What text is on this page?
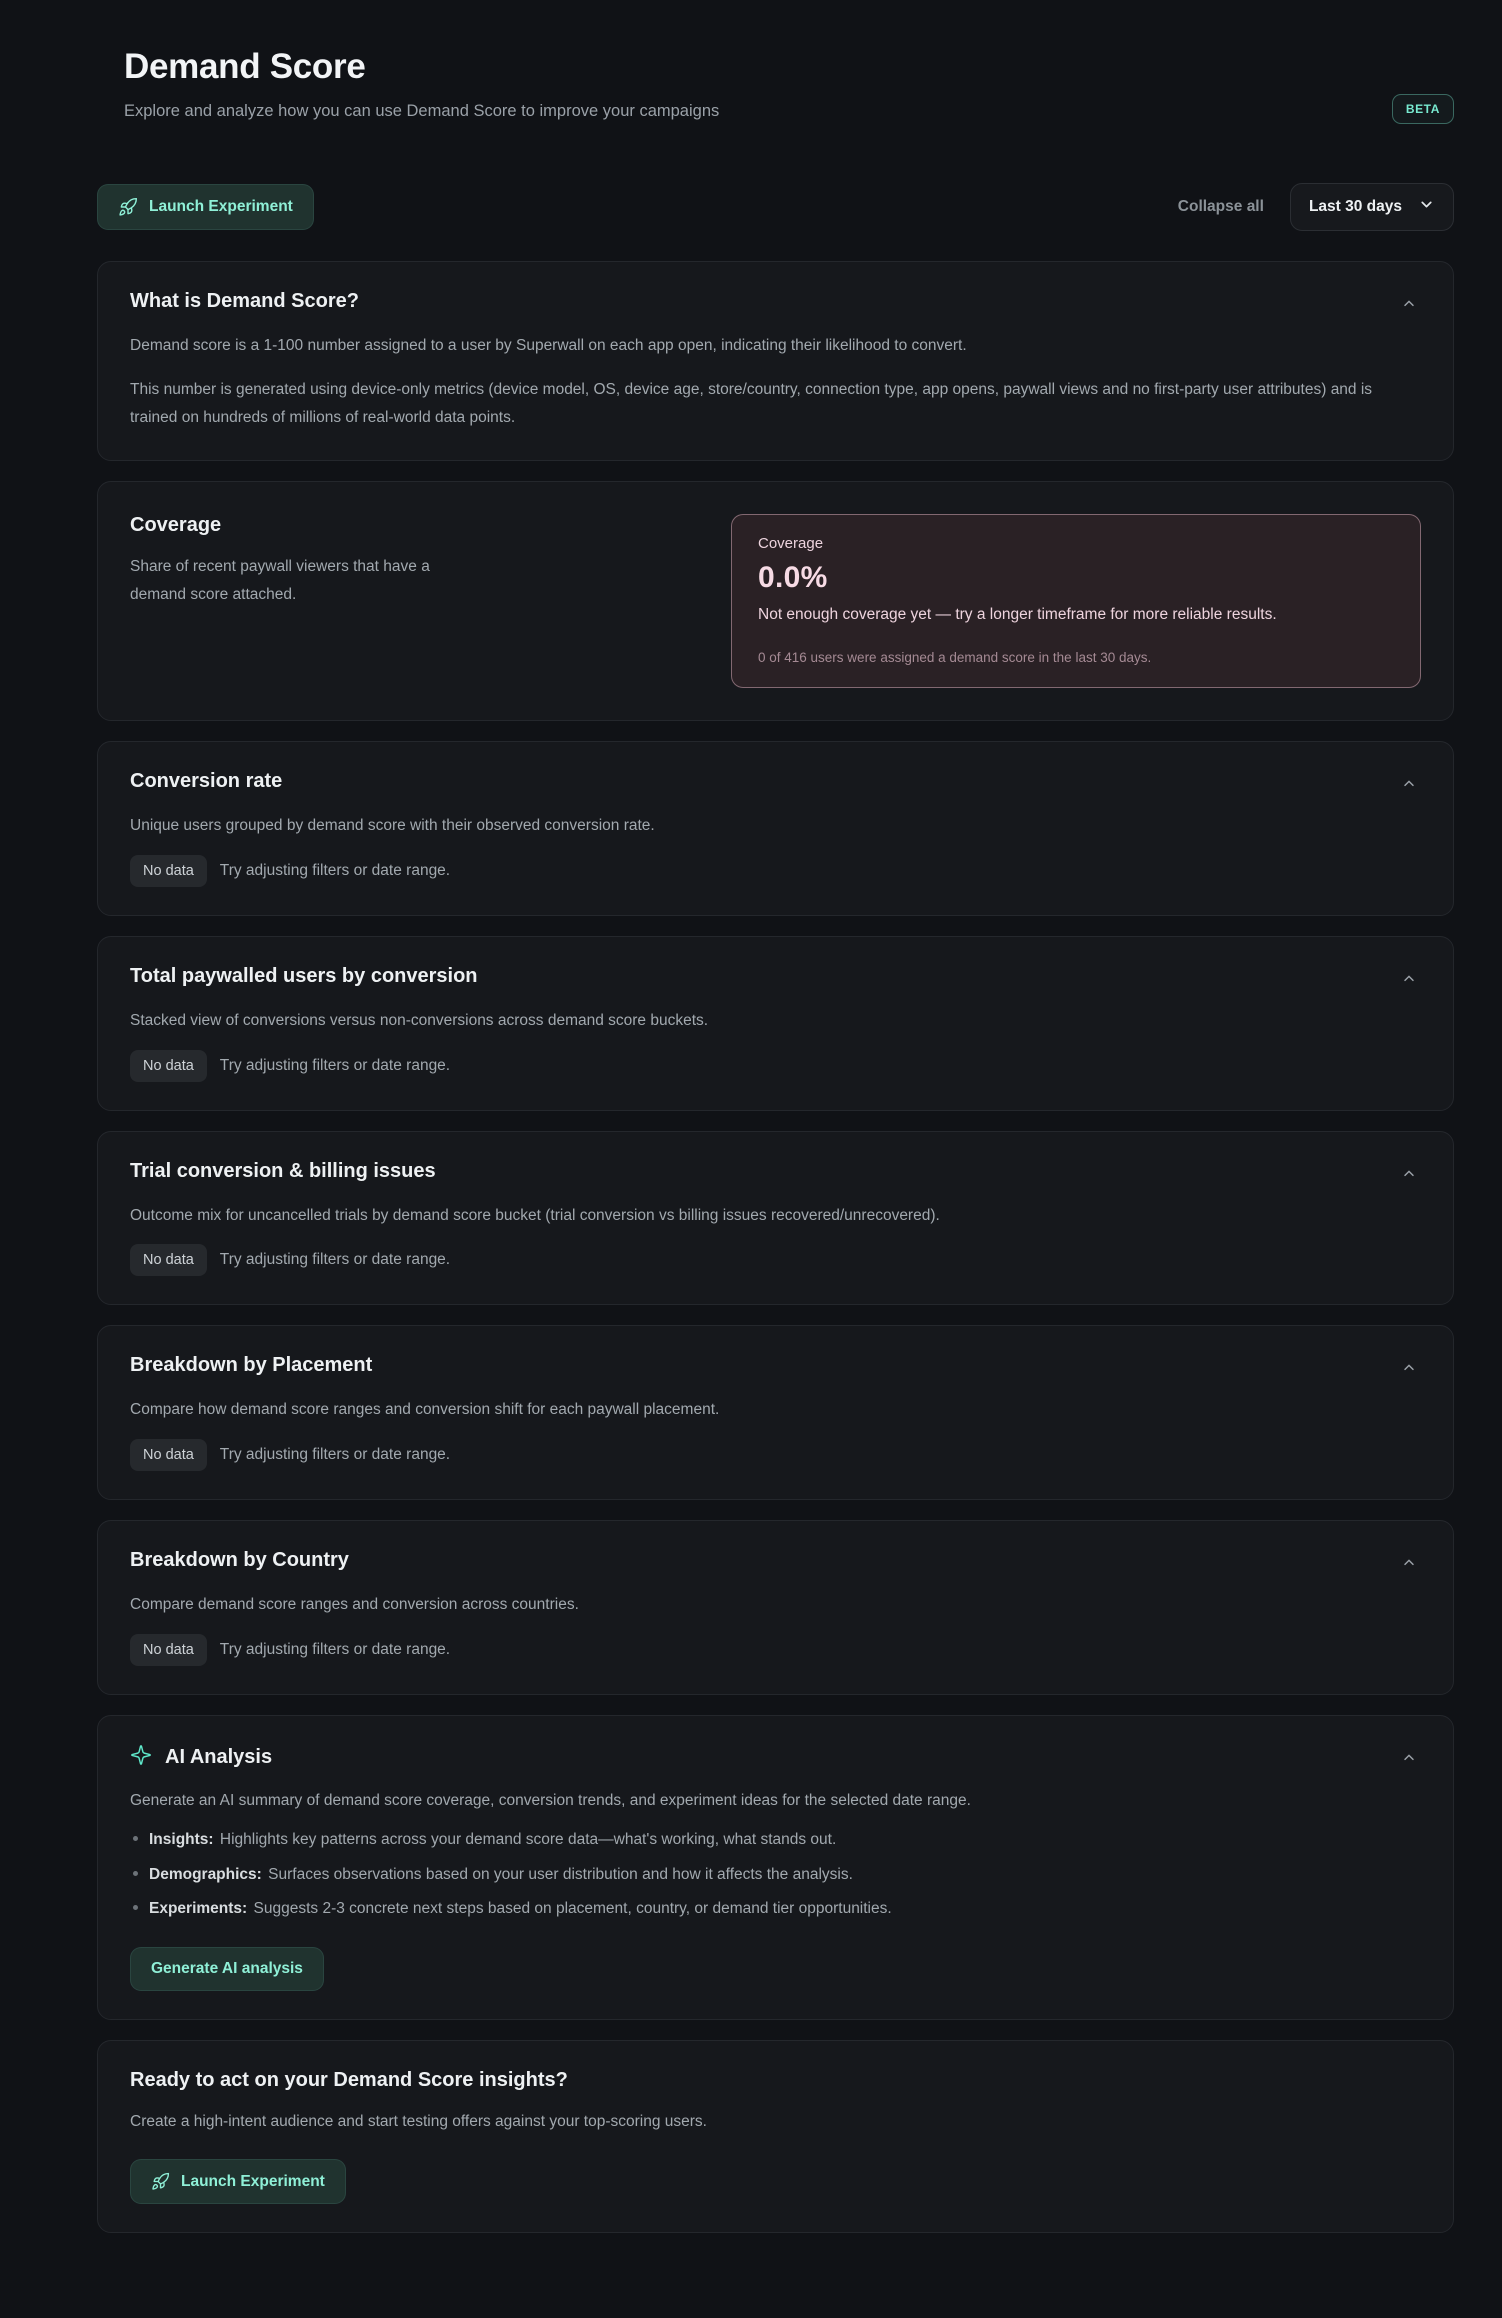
Demand Score
Explore and analyze how you can use Demand Score to improve your campaigns	BETA
Launch Experiment	Collapse all	Last 30 days
What is Demand Score?

Demand score is a 1-100 number assigned to a user by Superwall on each app open, indicating their likelihood to convert.

This number is generated using device-only metrics (device model, OS, device age, store/country, connection type, app opens, paywall views and no first-party user attributes) and is trained on hundreds of millions of real-world data points.

Coverage

Share of recent paywall viewers that have a demand score attached.

Coverage
0.0%
Not enough coverage yet — try a longer timeframe for more reliable results.
0 of 416 users were assigned a demand score in the last 30 days.
Conversion rate

Unique users grouped by demand score with their observed conversion rate.

No data	Try adjusting filters or date range.
Total paywalled users by conversion

Stacked view of conversions versus non-conversions across demand score buckets.

No data	Try adjusting filters or date range.
Trial conversion & billing issues

Outcome mix for uncancelled trials by demand score bucket (trial conversion vs billing issues recovered/unrecovered).

No data	Try adjusting filters or date range.
Breakdown by Placement

Compare how demand score ranges and conversion shift for each paywall placement.

No data	Try adjusting filters or date range.
Breakdown by Country

Compare demand score ranges and conversion across countries.

No data	Try adjusting filters or date range.
AI Analysis

Generate an AI summary of demand score coverage, conversion trends, and experiment ideas for the selected date range.

Insights: Highlights key patterns across your demand score data—what's working, what stands out.
Demographics: Surfaces observations based on your user distribution and how it affects the analysis.
Experiments: Suggests 2-3 concrete next steps based on placement, country, or demand tier opportunities.
Generate AI analysis
Ready to act on your Demand Score insights?

Create a high-intent audience and start testing offers against your top-scoring users.

Launch Experiment
